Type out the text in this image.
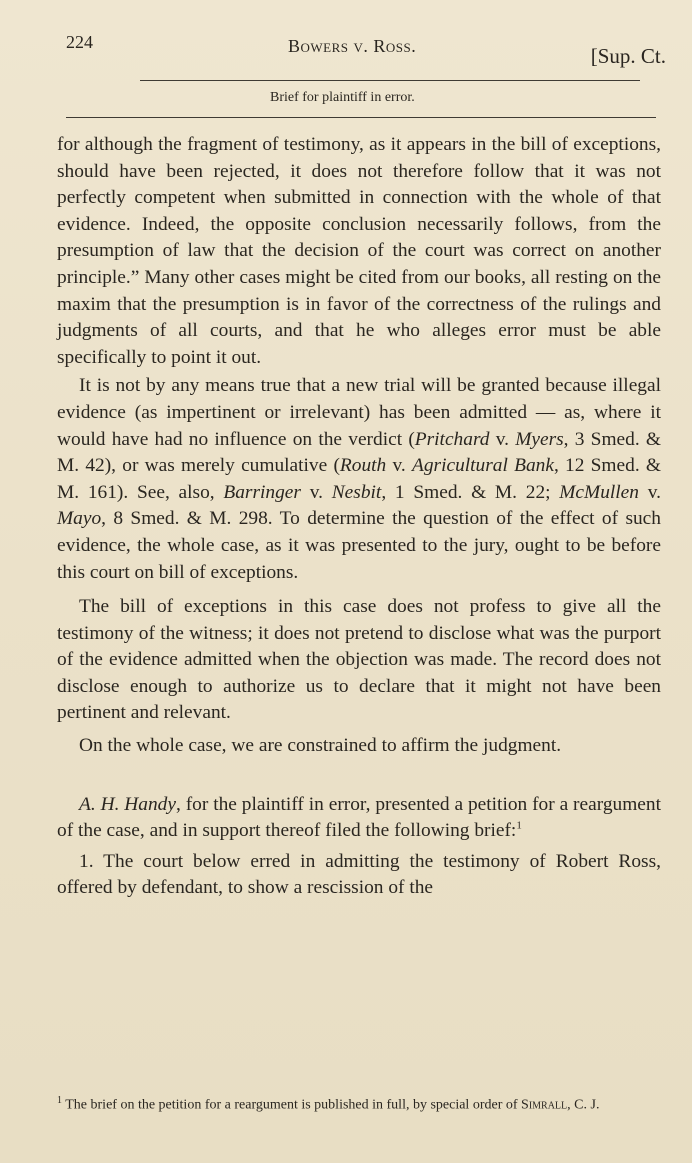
224	Bowers v. Ross.	[Sup. Ct.
Brief for plaintiff in error.

for although the fragment of testimony, as it appears in the bill of exceptions, should have been rejected, it does not therefore follow that it was not perfectly competent when submitted in connection with the whole of that evidence. Indeed, the opposite conclusion necessarily follows, from the presumption of law that the decision of the court was correct on another principle.” Many other cases might be cited from our books, all resting on the maxim that the presumption is in favor of the correctness of the rulings and judgments of all courts, and that he who alleges error must be able specifically to point it out.

It is not by any means true that a new trial will be granted because illegal evidence (as impertinent or irrelevant) has been admitted — as, where it would have had no influence on the verdict (Pritchard v. Myers, 3 Smed. & M. 42), or was merely cumulative (Routh v. Agricultural Bank, 12 Smed. & M. 161). See, also, Barringer v. Nesbit, 1 Smed. & M. 22; McMullen v. Mayo, 8 Smed. & M. 298. To determine the question of the effect of such evidence, the whole case, as it was presented to the jury, ought to be before this court on bill of exceptions.

The bill of exceptions in this case does not profess to give all the testimony of the witness; it does not pretend to disclose what was the purport of the evidence admitted when the objection was made. The record does not disclose enough to authorize us to declare that it might not have been pertinent and relevant.

On the whole case, we are constrained to affirm the judgment.

A. H. Handy, for the plaintiff in error, presented a petition for a reargument of the case, and in support thereof filed the following brief:$^1$

1. The court below erred in admitting the testimony of Robert Ross, offered by defendant, to show a rescission of the

$^1$ The brief on the petition for a reargument is published in full, by special order of Simrall, C. J.
